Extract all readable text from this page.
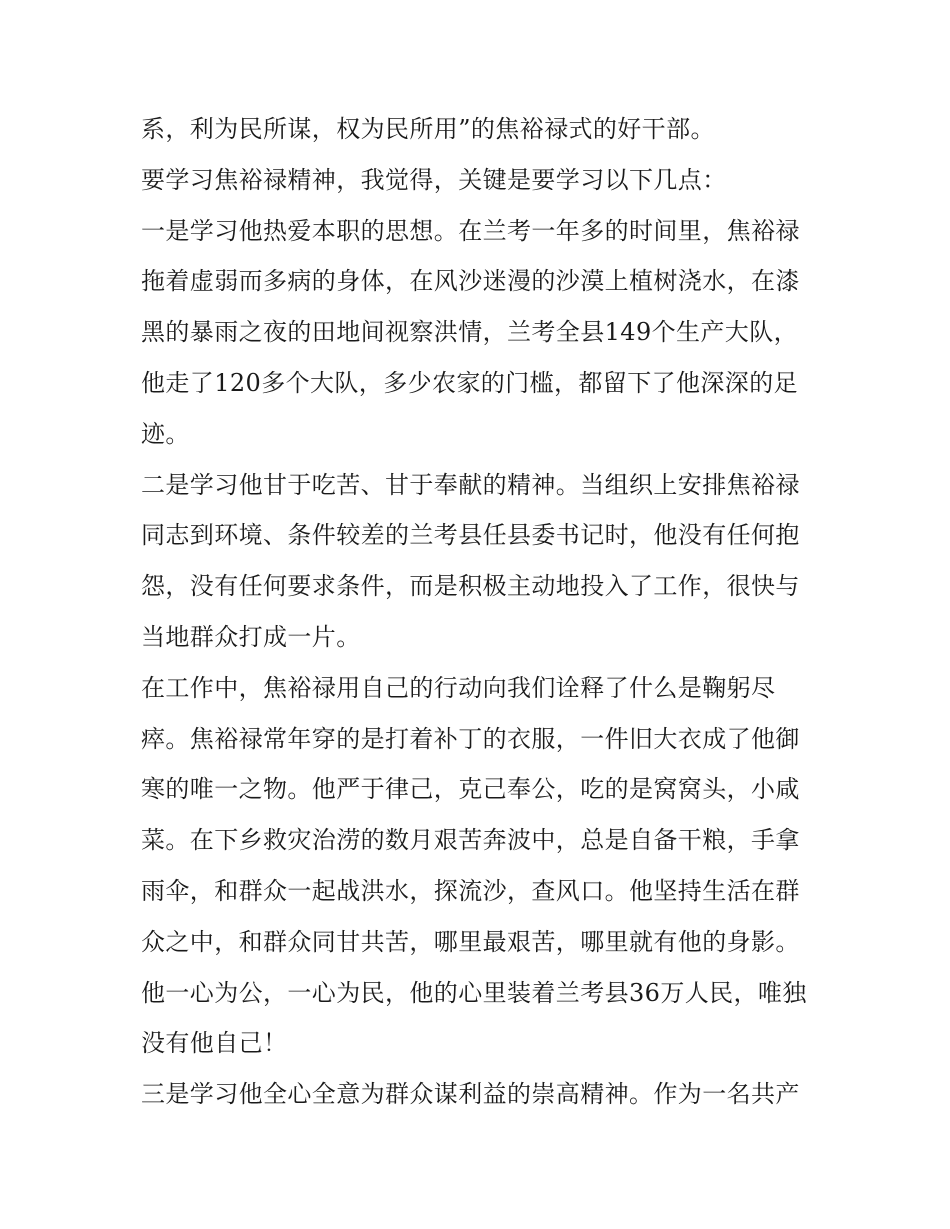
系，利为民所谋，权为民所用”的焦裕禄式的好干部。

要学习焦裕禄精神，我觉得，关键是要学习以下几点：

一是学习他热爱本职的思想。在兰考一年多的时间里，焦裕禄拖着虚弱而多病的身体，在风沙迷漫的沙漠上植树浇水，在漆黑的暴雨之夜的田地间视察洪情，兰考全县149个生产大队，他走了120多个大队，多少农家的门槛，都留下了他深深的足迹。

二是学习他甘于吃苦、甘于奉献的精神。当组织上安排焦裕禄同志到环境、条件较差的兰考县任县委书记时，他没有任何抱怨，没有任何要求条件，而是积极主动地投入了工作，很快与当地群众打成一片。

在工作中，焦裕禄用自己的行动向我们诠释了什么是鞠躬尽瘁。焦裕禄常年穿的是打着补丁的衣服，一件旧大衣成了他御寒的唯一之物。他严于律己，克己奉公，吃的是窝窝头，小咸菜。在下乡救灾治涝的数月艰苦奔波中，总是自备干粮，手拿雨伞，和群众一起战洪水，探流沙，查风口。他坚持生活在群众之中，和群众同甘共苦，哪里最艰苦，哪里就有他的身影。他一心为公，一心为民，他的心里装着兰考县36万人民，唯独没有他自己！

三是学习他全心全意为群众谋利益的崇高精神。作为一名共产
